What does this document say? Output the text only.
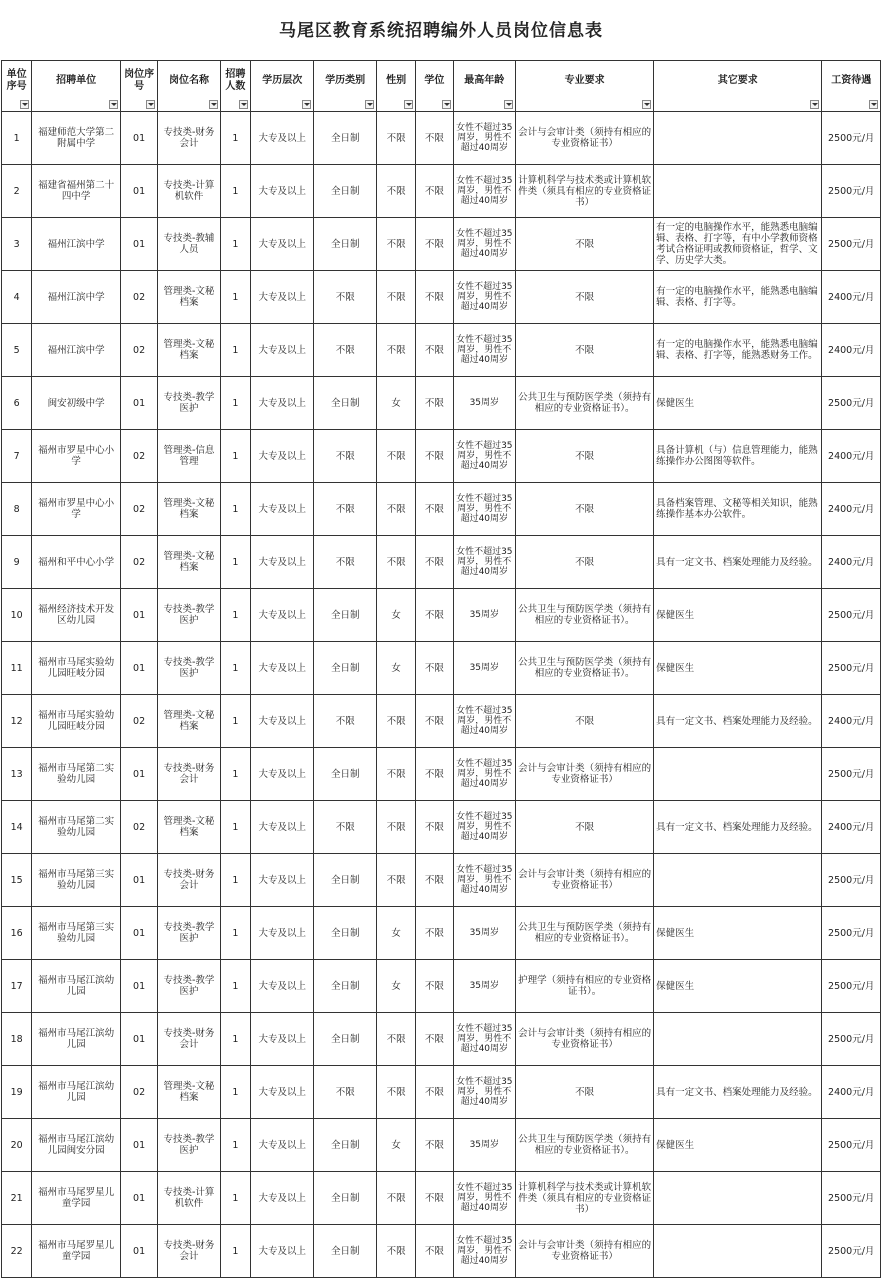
马尾区教育系统招聘编外人员岗位信息表
单位序号	招聘单位	岗位序号	岗位名称	招聘人数	学历层次	学历类别	性别	学位	最高年龄	专业要求	其它要求	工资待遇

1	福建师范大学第二附属中学	01	专技类-财务会计	1	大专及以上	全日制	不限	不限	女性不超过35周岁，男性不超过40周岁	会计与会审计类（须持有相应的专业资格证书）		2500元/月
2	福建省福州第二十四中学	01	专技类-计算机软件	1	大专及以上	全日制	不限	不限	女性不超过35周岁，男性不超过40周岁	计算机科学与技术类或计算机软件类（须具有相应的专业资格证书）		2500元/月
3	福州江滨中学	01	专技类-教辅人员	1	大专及以上	全日制	不限	不限	女性不超过35周岁，男性不超过40周岁	不限	有一定的电脑操作水平，能熟悉电脑编辑、表格、打字等，有中小学教师资格考试合格证明或教师资格证，哲学、文学、历史学大类。	2500元/月
4	福州江滨中学	02	管理类-文秘档案	1	大专及以上	不限	不限	不限	女性不超过35周岁，男性不超过40周岁	不限	有一定的电脑操作水平，能熟悉电脑编辑、表格、打字等。	2400元/月
5	福州江滨中学	02	管理类-文秘档案	1	大专及以上	不限	不限	不限	女性不超过35周岁，男性不超过40周岁	不限	有一定的电脑操作水平，能熟悉电脑编辑、表格、打字等，能熟悉财务工作。	2400元/月
6	闽安初级中学	01	专技类-教学医护	1	大专及以上	全日制	女	不限	35周岁	公共卫生与预防医学类（须持有相应的专业资格证书）。	保健医生	2500元/月
7	福州市罗星中心小学	02	管理类-信息管理	1	大专及以上	不限	不限	不限	女性不超过35周岁，男性不超过40周岁	不限	具备计算机（与）信息管理能力，能熟练操作办公图图等软件。	2400元/月
8	福州市罗星中心小学	02	管理类-文秘档案	1	大专及以上	不限	不限	不限	女性不超过35周岁，男性不超过40周岁	不限	具备档案管理、文秘等相关知识，能熟练操作基本办公软件。	2400元/月
9	福州和平中心小学	02	管理类-文秘档案	1	大专及以上	不限	不限	不限	女性不超过35周岁，男性不超过40周岁	不限	具有一定文书、档案处理能力及经验。	2400元/月
10	福州经济技术开发区幼儿园	01	专技类-教学医护	1	大专及以上	全日制	女	不限	35周岁	公共卫生与预防医学类（须持有相应的专业资格证书）。	保健医生	2500元/月
11	福州市马尾实验幼儿园旺岐分园	01	专技类-教学医护	1	大专及以上	全日制	女	不限	35周岁	公共卫生与预防医学类（须持有相应的专业资格证书）。	保健医生	2500元/月
12	福州市马尾实验幼儿园旺岐分园	02	管理类-文秘档案	1	大专及以上	不限	不限	不限	女性不超过35周岁，男性不超过40周岁	不限	具有一定文书、档案处理能力及经验。	2400元/月
13	福州市马尾第二实验幼儿园	01	专技类-财务会计	1	大专及以上	全日制	不限	不限	女性不超过35周岁，男性不超过40周岁	会计与会审计类（须持有相应的专业资格证书）		2500元/月
14	福州市马尾第二实验幼儿园	02	管理类-文秘档案	1	大专及以上	不限	不限	不限	女性不超过35周岁，男性不超过40周岁	不限	具有一定文书、档案处理能力及经验。	2400元/月
15	福州市马尾第三实验幼儿园	01	专技类-财务会计	1	大专及以上	全日制	不限	不限	女性不超过35周岁，男性不超过40周岁	会计与会审计类（须持有相应的专业资格证书）		2500元/月
16	福州市马尾第三实验幼儿园	01	专技类-教学医护	1	大专及以上	全日制	女	不限	35周岁	公共卫生与预防医学类（须持有相应的专业资格证书）。	保健医生	2500元/月
17	福州市马尾江滨幼儿园	01	专技类-教学医护	1	大专及以上	全日制	女	不限	35周岁	护理学（须持有相应的专业资格证书）。	保健医生	2500元/月
18	福州市马尾江滨幼儿园	01	专技类-财务会计	1	大专及以上	全日制	不限	不限	女性不超过35周岁，男性不超过40周岁	会计与会审计类（须持有相应的专业资格证书）		2500元/月
19	福州市马尾江滨幼儿园	02	管理类-文秘档案	1	大专及以上	不限	不限	不限	女性不超过35周岁，男性不超过40周岁	不限	具有一定文书、档案处理能力及经验。	2400元/月
20	福州市马尾江滨幼儿园闽安分园	01	专技类-教学医护	1	大专及以上	全日制	女	不限	35周岁	公共卫生与预防医学类（须持有相应的专业资格证书）。	保健医生	2500元/月
21	福州市马尾罗星儿童学园	01	专技类-计算机软件	1	大专及以上	全日制	不限	不限	女性不超过35周岁，男性不超过40周岁	计算机科学与技术类或计算机软件类（须具有相应的专业资格证书）		2500元/月
22	福州市马尾罗星儿童学园	01	专技类-财务会计	1	大专及以上	全日制	不限	不限	女性不超过35周岁，男性不超过40周岁	会计与会审计类（须持有相应的专业资格证书）		2500元/月
